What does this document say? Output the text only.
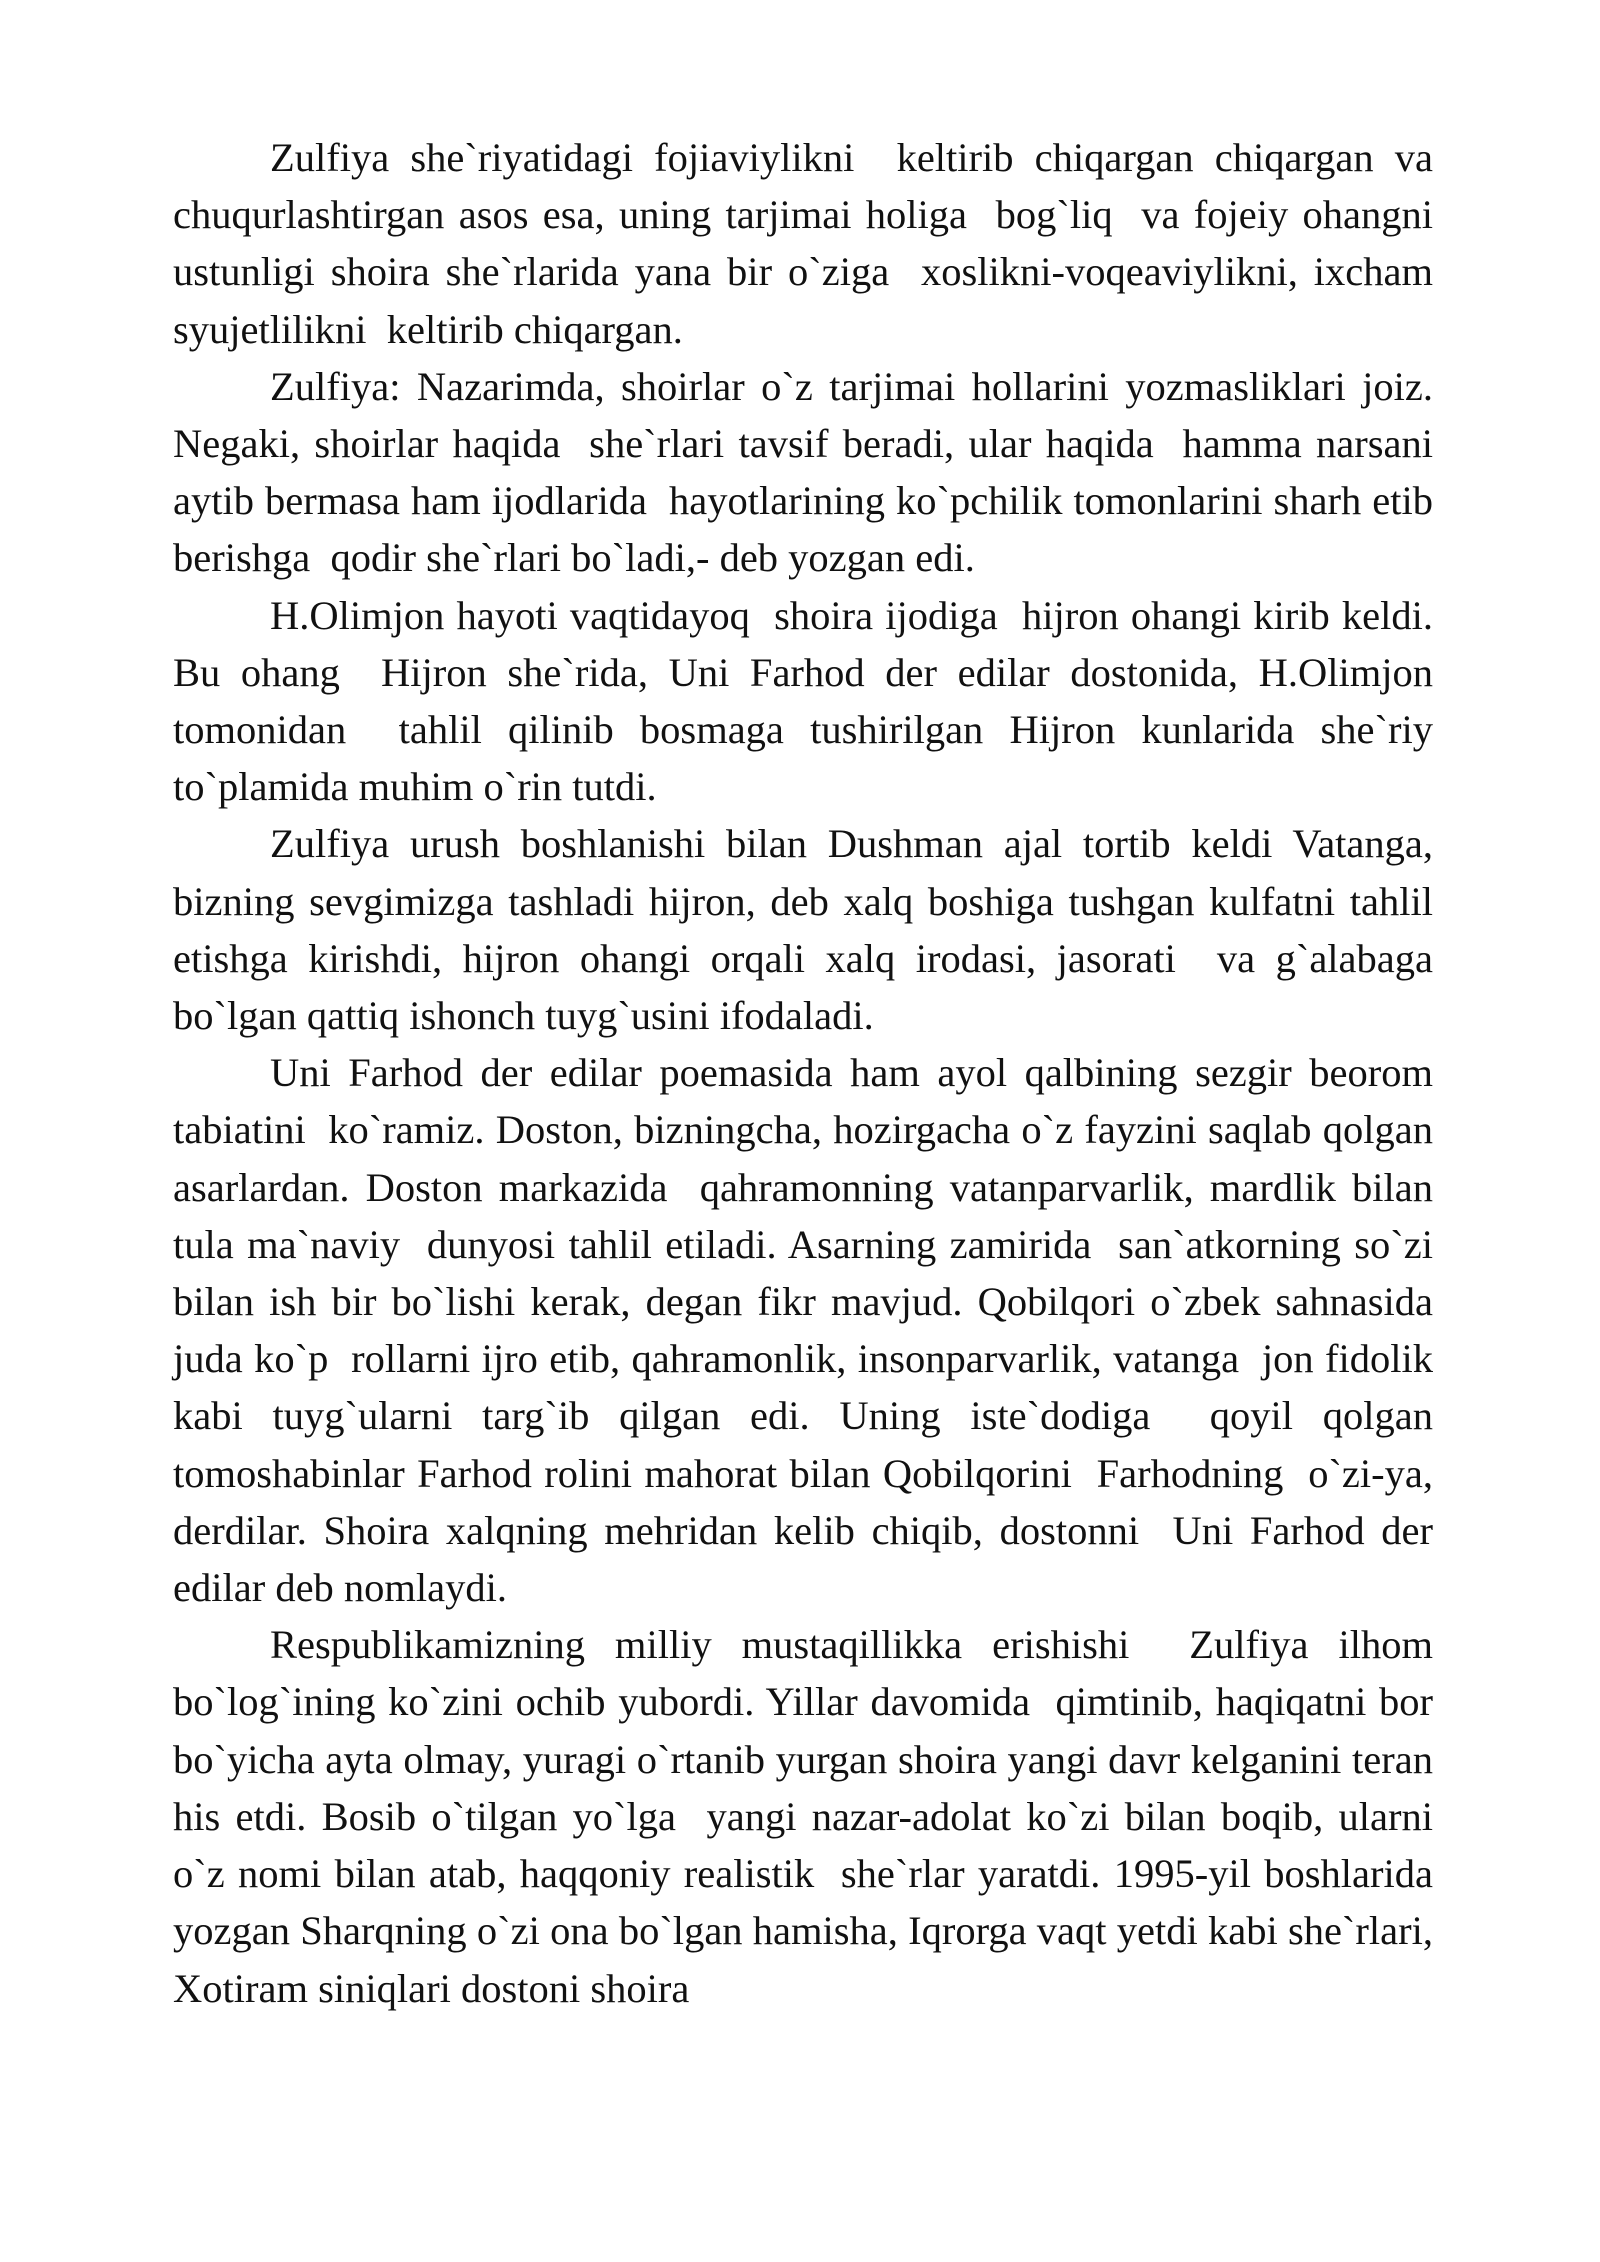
Zulfiya she`riyatidagi fojiaviylikni  keltirib chiqargan chiqargan va chuqurlashtirgan asos esa, uning tarjimai holiga  bog`liq  va fojeiy ohangni ustunligi shoira she`rlarida yana bir o`ziga  xoslikni-voqeaviylikni, ixcham syujetlilikni  keltirib chiqargan.

Zulfiya: Nazarimda, shoirlar o`z tarjimai hollarini yozmasliklari joiz. Negaki, shoirlar haqida  she`rlari tavsif beradi, ular haqida  hamma narsani aytib bermasa ham ijodlarida  hayotlarining ko`pchilik tomonlarini sharh etib berishga  qodir she`rlari bo`ladi,- deb yozgan edi.

H.Olimjon hayoti vaqtidayoq  shoira ijodiga  hijron ohangi kirib keldi. Bu ohang  Hijron she`rida, Uni Farhod der edilar dostonida, H.Olimjon tomonidan  tahlil qilinib bosmaga tushirilgan Hijron kunlarida she`riy to`plamida muhim o`rin tutdi.

Zulfiya urush boshlanishi bilan Dushman ajal tortib keldi Vatanga, bizning sevgimizga tashladi hijron, deb xalq boshiga tushgan kulfatni tahlil etishga kirishdi, hijron ohangi orqali xalq irodasi, jasorati  va g`alabaga  bo`lgan qattiq ishonch tuyg`usini ifodaladi.

Uni Farhod der edilar poemasida ham ayol qalbining sezgir beorom tabiatini  ko`ramiz. Doston, bizningcha, hozirgacha o`z fayzini saqlab qolgan asarlardan. Doston markazida  qahramonning vatanparvarlik, mardlik bilan tula ma`naviy  dunyosi tahlil etiladi. Asarning zamirida  san`atkorning so`zi bilan ish bir bo`lishi kerak, degan fikr mavjud. Qobilqori o`zbek sahnasida juda ko`p  rollarni ijro etib, qahramonlik, insonparvarlik, vatanga  jon fidolik  kabi tuyg`ularni targ`ib qilgan edi. Uning iste`dodiga  qoyil qolgan tomoshabinlar Farhod rolini mahorat bilan Qobilqorini  Farhodning  o`zi-ya, derdilar. Shoira xalqning mehridan kelib chiqib, dostonni  Uni Farhod der edilar deb nomlaydi.

Respublikamizning milliy mustaqillikka erishishi  Zulfiya ilhom bo`log`ining ko`zini ochib yubordi. Yillar davomida  qimtinib, haqiqatni bor bo`yicha ayta olmay, yuragi o`rtanib yurgan shoira yangi davr kelganini teran his etdi. Bosib o`tilgan yo`lga  yangi nazar-adolat ko`zi bilan boqib, ularni o`z nomi bilan atab, haqqoniy realistik  she`rlar yaratdi. 1995-yil boshlarida yozgan Sharqning o`zi ona bo`lgan hamisha, Iqrorga vaqt yetdi kabi she`rlari, Xotiram siniqlari dostoni shoira
